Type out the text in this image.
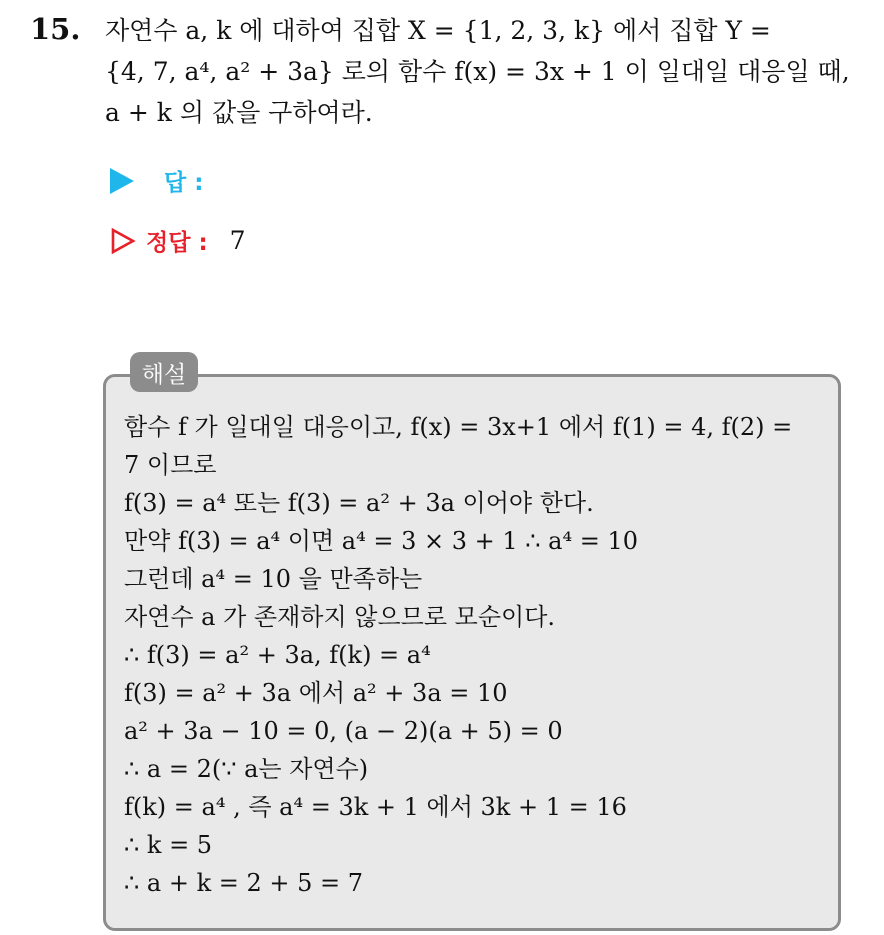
15. 자연수 a, k 에 대하여 집합 X = {1, 2, 3, k} 에서 집합 Y =
{4, 7, a⁴, a² + 3a} 로의 함수 f(x) = 3x + 1 이 일대일 대응일 때,
a + k 의 값을 구하여라.
답 :
정답 : 7
해설
함수 f 가 일대일 대응이고, f(x) = 3x+1 에서 f(1) = 4, f(2) =
7 이므로
f(3) = a⁴ 또는 f(3) = a² + 3a 이어야 한다.
만약 f(3) = a⁴ 이면 a⁴ = 3 × 3 + 1 ∴ a⁴ = 10
그런데 a⁴ = 10 을 만족하는
자연수 a 가 존재하지 않으므로 모순이다.
∴ f(3) = a² + 3a, f(k) = a⁴
f(3) = a² + 3a 에서 a² + 3a = 10
a² + 3a − 10 = 0, (a − 2)(a + 5) = 0
∴ a = 2(∵ a는 자연수)
f(k) = a⁴ , 즉 a⁴ = 3k + 1 에서 3k + 1 = 16
∴ k = 5
∴ a + k = 2 + 5 = 7
